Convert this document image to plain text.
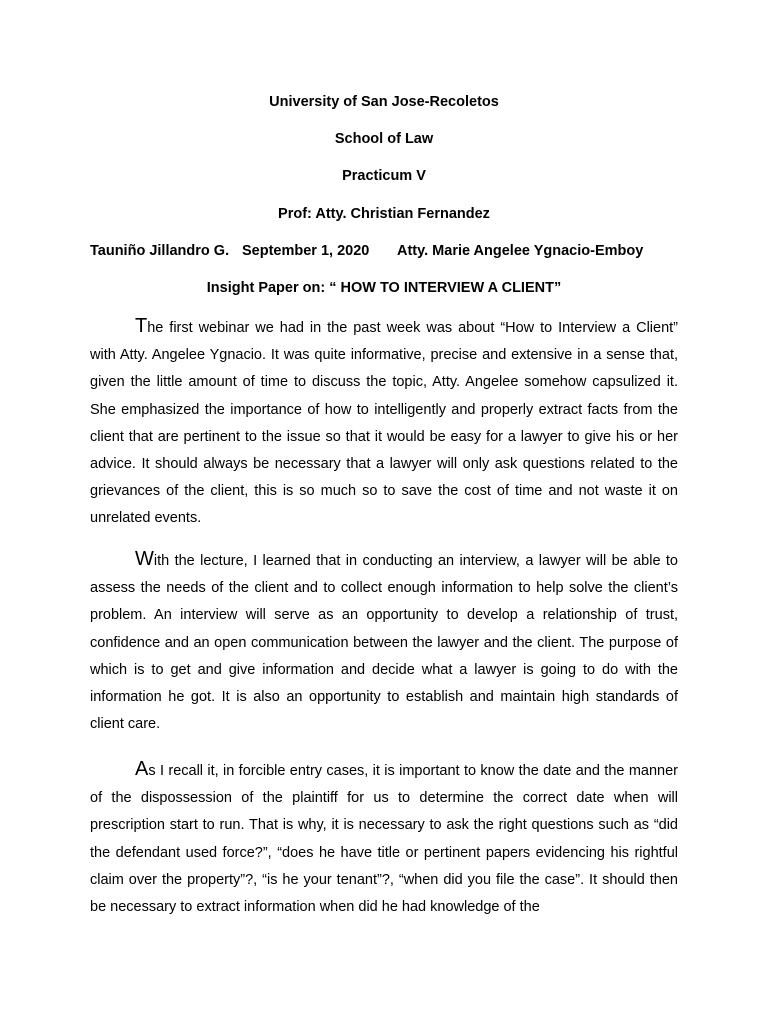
University of San Jose-Recoletos
School of Law
Practicum V
Prof: Atty. Christian Fernandez
Tauniño Jillandro G. September 1, 2020 Atty. Marie Angelee Ygnacio-Emboy
Insight Paper on: “ HOW TO INTERVIEW A CLIENT”

The first webinar we had in the past week was about “How to Interview a Client” with Atty. Angelee Ygnacio. It was quite informative, precise and extensive in a sense that, given the little amount of time to discuss the topic, Atty. Angelee somehow capsulized it. She emphasized the importance of how to intelligently and properly extract facts from the client that are pertinent to the issue so that it would be easy for a lawyer to give his or her advice. It should always be necessary that a lawyer will only ask questions related to the grievances of the client, this is so much so to save the cost of time and not waste it on unrelated events.

With the lecture, I learned that in conducting an interview, a lawyer will be able to assess the needs of the client and to collect enough information to help solve the client’s problem. An interview will serve as an opportunity to develop a relationship of trust, confidence and an open communication between the lawyer and the client. The purpose of which is to get and give information and decide what a lawyer is going to do with the information he got. It is also an opportunity to establish and maintain high standards of client care.

As I recall it, in forcible entry cases, it is important to know the date and the manner of the dispossession of the plaintiff for us to determine the correct date when will prescription start to run. That is why, it is necessary to ask the right questions such as “did the defendant used force?”, “does he have title or pertinent papers evidencing his rightful claim over the property”?, “is he your tenant”?, “when did you file the case”. It should then be necessary to extract information when did he had knowledge of the
